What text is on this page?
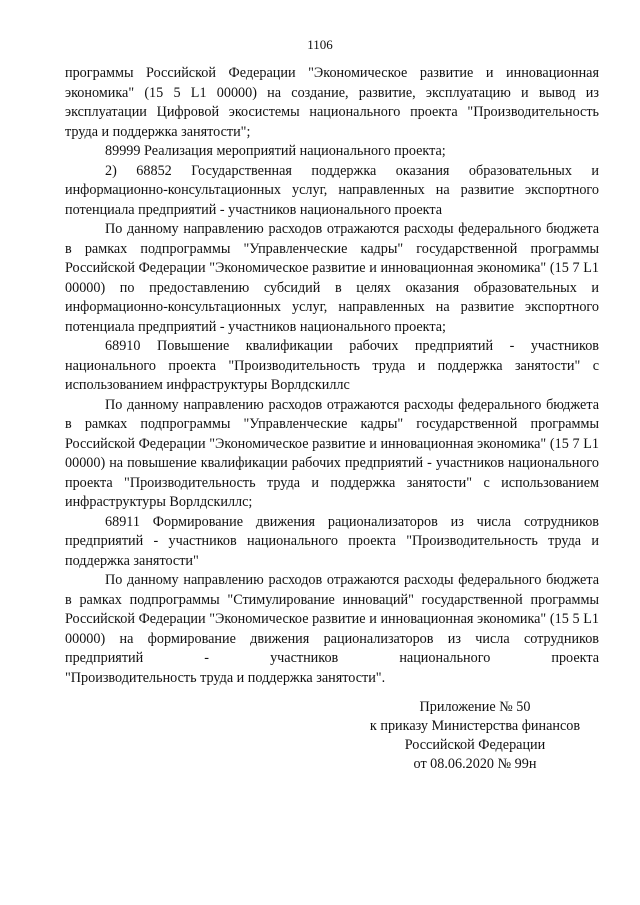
1106

программы Российской Федерации "Экономическое развитие и инновационная экономика" (15 5 L1 00000) на создание, развитие, эксплуатацию и вывод из эксплуатации Цифровой экосистемы национального проекта "Производительность труда и поддержка занятости";

89999 Реализация мероприятий национального проекта;

2) 68852 Государственная поддержка оказания образовательных и информационно-консультационных услуг, направленных на развитие экспортного потенциала предприятий - участников национального проекта

По данному направлению расходов отражаются расходы федерального бюджета в рамках подпрограммы "Управленческие кадры" государственной программы Российской Федерации "Экономическое развитие и инновационная экономика" (15 7 L1 00000) по предоставлению субсидий в целях оказания образовательных и информационно-консультационных услуг, направленных на развитие экспортного потенциала предприятий - участников национального проекта;

68910 Повышение квалификации рабочих предприятий - участников национального проекта "Производительность труда и поддержка занятости" с использованием инфраструктуры Ворлдскиллс

По данному направлению расходов отражаются расходы федерального бюджета в рамках подпрограммы "Управленческие кадры" государственной программы Российской Федерации "Экономическое развитие и инновационная экономика" (15 7 L1 00000) на повышение квалификации рабочих предприятий - участников национального проекта "Производительность труда и поддержка занятости" с использованием инфраструктуры Ворлдскиллс;

68911 Формирование движения рационализаторов из числа сотрудников предприятий - участников национального проекта "Производительность труда и поддержка занятости"

По данному направлению расходов отражаются расходы федерального бюджета в рамках подпрограммы "Стимулирование инноваций" государственной программы Российской Федерации "Экономическое развитие и инновационная экономика" (15 5 L1 00000) на формирование движения рационализаторов из числа сотрудников предприятий - участников национального проекта

"Производительность труда и поддержка занятости".

Приложение № 50
к приказу Министерства финансов
Российской Федерации
от 08.06.2020 № 99н
